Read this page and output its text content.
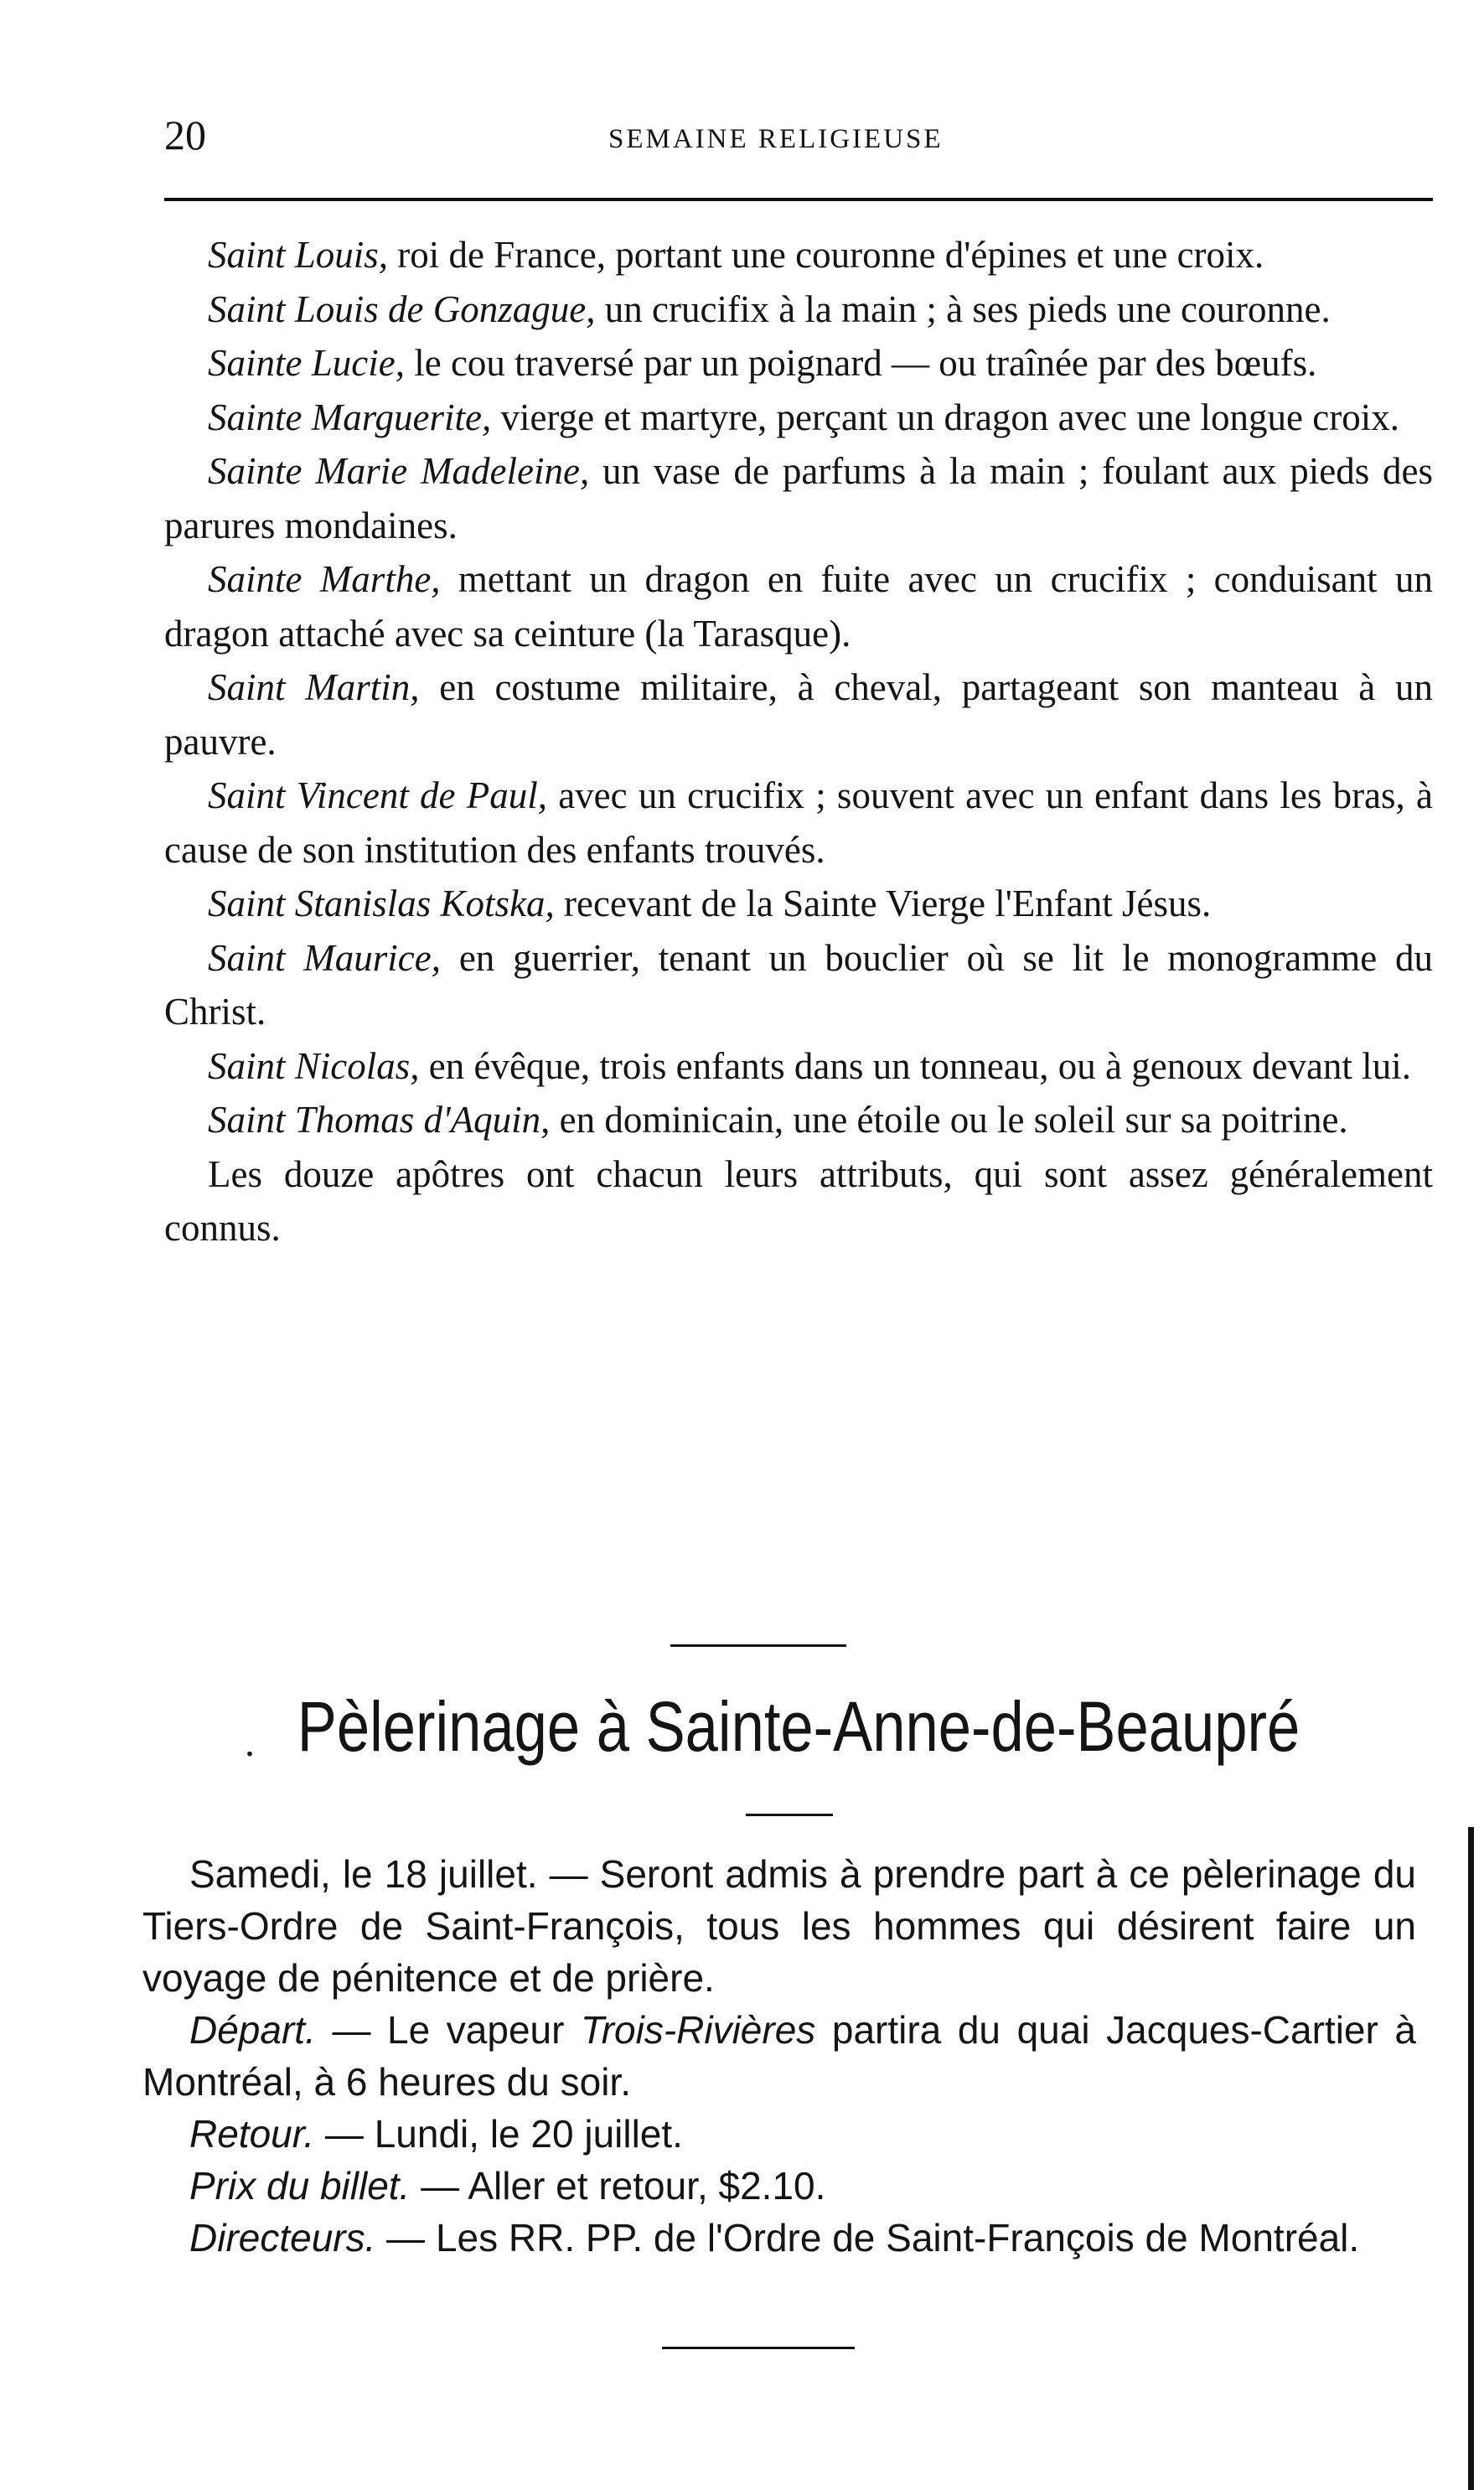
20	SEMAINE RELIGIEUSE

Saint Louis, roi de France, portant une couronne d'épines et une croix.

Saint Louis de Gonzague, un crucifix à la main ; à ses pieds une couronne.

Sainte Lucie, le cou traversé par un poignard — ou traînée par des bœufs.

Sainte Marguerite, vierge et martyre, perçant un dragon avec une longue croix.

Sainte Marie Madeleine, un vase de parfums à la main ; foulant aux pieds des parures mondaines.

Sainte Marthe, mettant un dragon en fuite avec un crucifix ; conduisant un dragon attaché avec sa ceinture (la Tarasque).

Saint Martin, en costume militaire, à cheval, partageant son manteau à un pauvre.

Saint Vincent de Paul, avec un crucifix ; souvent avec un enfant dans les bras, à cause de son institution des enfants trouvés.

Saint Stanislas Kotska, recevant de la Sainte Vierge l'Enfant Jésus.

Saint Maurice, en guerrier, tenant un bouclier où se lit le monogramme du Christ.

Saint Nicolas, en évêque, trois enfants dans un tonneau, ou à genoux devant lui.

Saint Thomas d'Aquin, en dominicain, une étoile ou le soleil sur sa poitrine.

Les douze apôtres ont chacun leurs attributs, qui sont assez généralement connus.

. Pèlerinage à Sainte-Anne-de-Beaupré

Samedi, le 18 juillet. — Seront admis à prendre part à ce pèlerinage du Tiers-Ordre de Saint-François, tous les hommes qui désirent faire un voyage de pénitence et de prière.

Départ. — Le vapeur Trois-Rivières partira du quai Jacques-Cartier à Montréal, à 6 heures du soir.

Retour. — Lundi, le 20 juillet.

Prix du billet. — Aller et retour, $2.10.

Directeurs. — Les RR. PP. de l'Ordre de Saint-François de Montréal.
